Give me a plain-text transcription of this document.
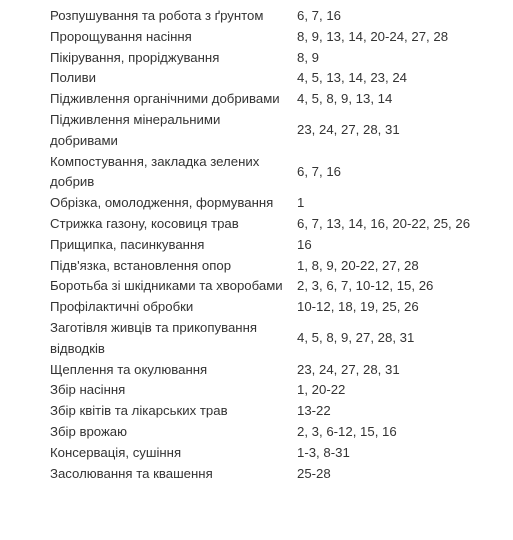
Розпушування та робота з ґрунтом	6, 7, 16
Пророщування насіння	8, 9, 13, 14, 20-24, 27, 28
Пікірування, проріджування	8, 9
Поливи	4, 5, 13, 14, 23, 24
Підживлення органічними добривами	4, 5, 8, 9, 13, 14
Підживлення мінеральними добривами	23, 24, 27, 28, 31
Компостування, закладка зелених добрив	6, 7, 16
Обрізка, омолодження, формування	1
Стрижка газону, косовиця трав	6, 7, 13, 14, 16, 20-22, 25, 26
Прищипка, пасинкування	16
Підв'язка, встановлення опор	1, 8, 9, 20-22, 27, 28
Боротьба зі шкідниками та хворобами	2, 3, 6, 7, 10-12, 15, 26
Профілактичні обробки	10-12, 18, 19, 25, 26
Заготівля живців та прикопування відводків	4, 5, 8, 9, 27, 28, 31
Щеплення та окулювання	23, 24, 27, 28, 31
Збір насіння	1, 20-22
Збір квітів та лікарських трав	13-22
Збір врожаю	2, 3, 6-12, 15, 16
Консервація, сушіння	1-3, 8-31
Засолювання та квашення	25-28
